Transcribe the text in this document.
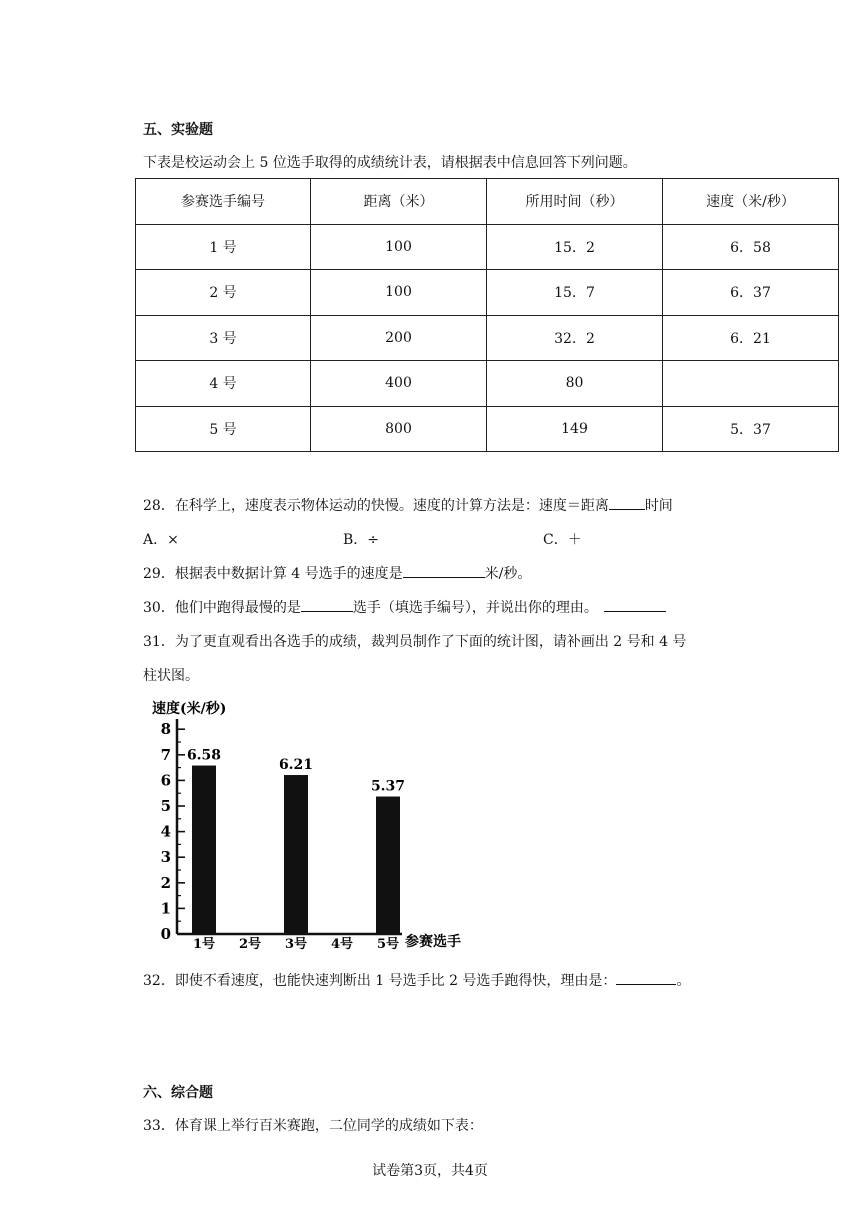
五、实验题
下表是校运动会上 5 位选手取得的成绩统计表，请根据表中信息回答下列问题。
参赛选手编号	距离（米）	所用时间（秒）	速度（米/秒）
1 号	100	15．2	6．58
2 号	100	15．7	6．37
3 号	200	32．2	6．21
4 号	400	80	
5 号	800	149	5．37
28．在科学上，速度表示物体运动的快慢。速度的计算方法是：速度＝距离	时间
A．×	B．÷	C．＋
29．根据表中数据计算 4 号选手的速度是	米/秒。
30．他们中跑得最慢的是	选手（填选手编号），并说出你的理由。
31．为了更直观看出各选手的成绩，裁判员制作了下面的统计图，请补画出 2 号和 4 号
柱状图。
速度(米/秒)
0
1
2
3
4
5
6
7
8
6.58
6.21
5.37
1号 2号 3号 4号 5号 参赛选手
32．即使不看速度，也能快速判断出 1 号选手比 2 号选手跑得快，理由是：	。
六、综合题
33．体育课上举行百米赛跑，二位同学的成绩如下表：
试卷第3页，共4页
